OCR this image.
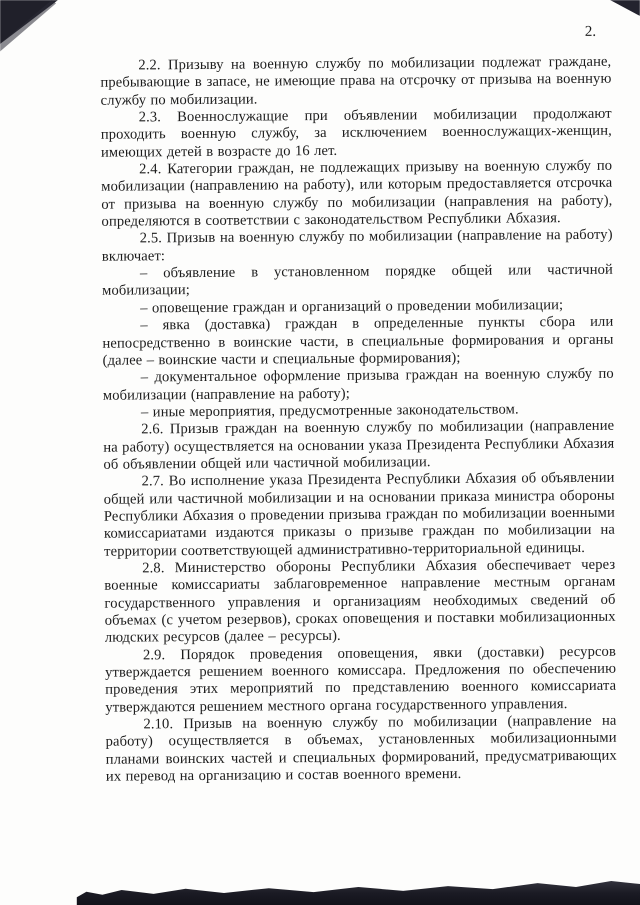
2.

2.2. Призыву на военную службу по мобилизации подлежат граждане, пребывающие в запасе, не имеющие права на отсрочку от призыва на военную службу по мобилизации.

2.3. Военнослужащие при объявлении мобилизации продолжают проходить военную службу, за исключением военнослужащих-женщин, имеющих детей в возрасте до 16 лет.

2.4. Категории граждан, не подлежащих призыву на военную службу по мобилизации (направлению на работу), или которым предоставляется отсрочка от призыва на военную службу по мобилизации (направления на работу), определяются в соответствии с законодательством Республики Абхазия.

2.5. Призыв на военную службу по мобилизации (направление на работу) включает:

– объявление в установленном порядке общей или частичной мобилизации;

– оповещение граждан и организаций о проведении мобилизации;

– явка (доставка) граждан в определенные пункты сбора или непосредственно в воинские части, в специальные формирования и органы (далее – воинские части и специальные формирования);

– документальное оформление призыва граждан на военную службу по мобилизации (направление на работу);

– иные мероприятия, предусмотренные законодательством.

2.6. Призыв граждан на военную службу по мобилизации (направление на работу) осуществляется на основании указа Президента Республики Абхазия об объявлении общей или частичной мобилизации.

2.7. Во исполнение указа Президента Республики Абхазия об объявлении общей или частичной мобилизации и на основании приказа министра обороны Республики Абхазия о проведении призыва граждан по мобилизации военными комиссариатами издаются приказы о призыве граждан по мобилизации на территории соответствующей административно-территориальной единицы.

2.8. Министерство обороны Республики Абхазия обеспечивает через военные комиссариаты заблаговременное направление местным органам государственного управления и организациям необходимых сведений об объемах (с учетом резервов), сроках оповещения и поставки мобилизационных людских ресурсов (далее – ресурсы).

2.9. Порядок проведения оповещения, явки (доставки) ресурсов утверждается решением военного комиссара. Предложения по обеспечению проведения этих мероприятий по представлению военного комиссариата утверждаются решением местного органа государственного управления.

2.10. Призыв на военную службу по мобилизации (направление на работу) осуществляется в объемах, установленных мобилизационными планами воинских частей и специальных формирований, предусматривающих их перевод на организацию и состав военного времени.
